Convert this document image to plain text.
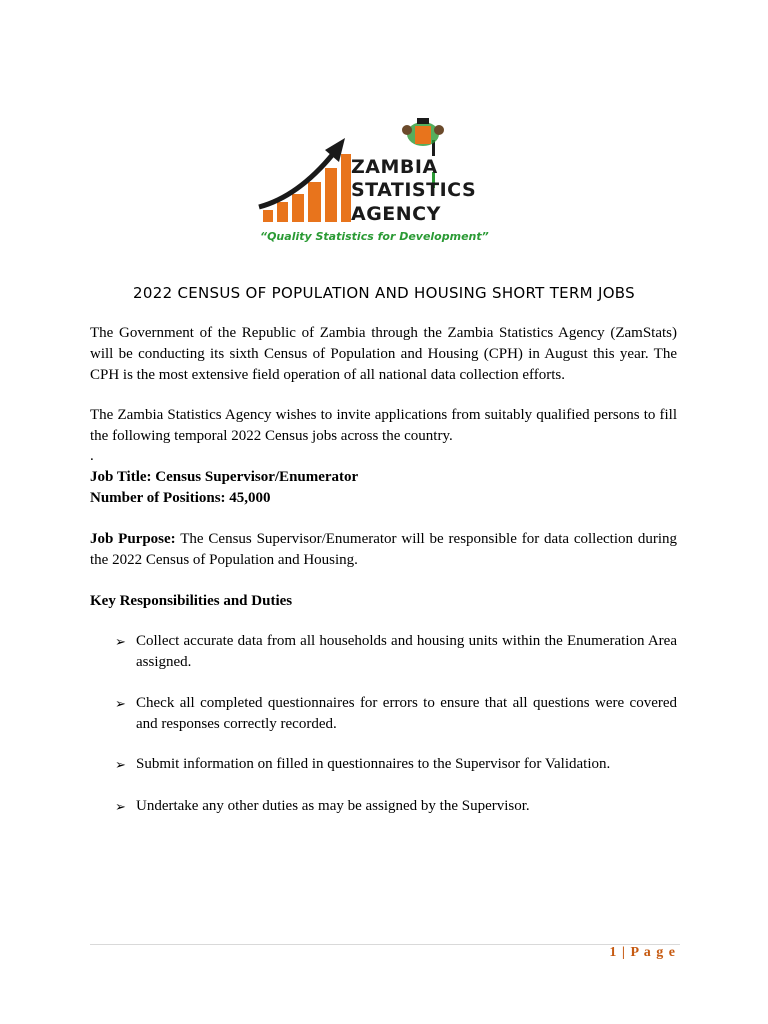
ZAMBIA
STATISTICS
AGENCY
“Quality Statistics for Development”
2022 CENSUS OF POPULATION AND HOUSING SHORT TERM JOBS

The Government of the Republic of Zambia through the Zambia Statistics Agency (ZamStats) will be conducting its sixth Census of Population and Housing (CPH) in August this year. The CPH is the most extensive field operation of all national data collection efforts.

The Zambia Statistics Agency wishes to invite applications from suitably qualified persons to fill the following temporal 2022 Census jobs across the country.

.

Job Title: Census Supervisor/Enumerator

Number of Positions: 45,000

Job Purpose: The Census Supervisor/Enumerator will be responsible for data collection during the 2022 Census of Population and Housing.

Key Responsibilities and Duties

➢ Collect accurate data from all households and housing units within the Enumeration Area assigned.
➢ Check all completed questionnaires for errors to ensure that all questions were covered and responses correctly recorded.
➢ Submit information on filled in questionnaires to the Supervisor for Validation.
➢ Undertake any other duties as may be assigned by the Supervisor.
1 | P a g e
